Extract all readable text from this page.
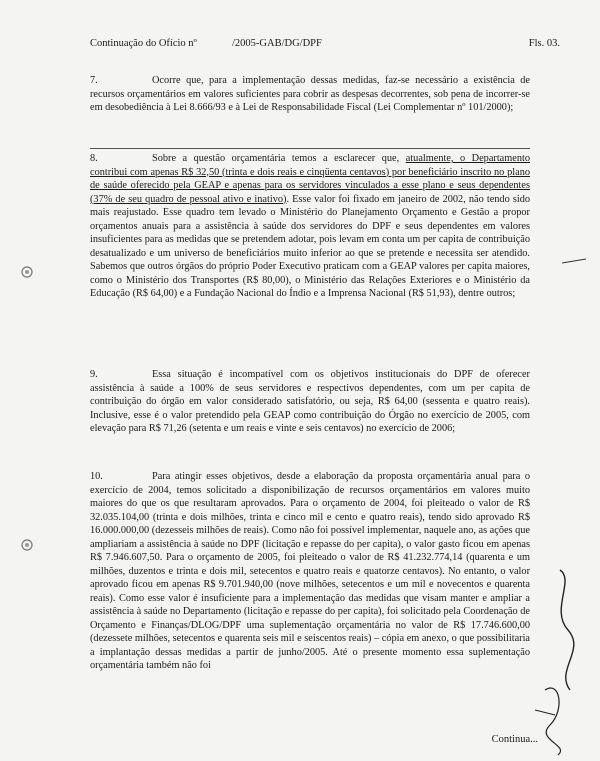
Continuação do Ofício nº	/2005-GAB/DG/DPF	Fls. 03.
7.	Ocorre que, para a implementação dessas medidas, faz-se necessário a existência de recursos orçamentários em valores suficientes para cobrir as despesas decorrentes, sob pena de incorrer-se em desobediência à Lei 8.666/93 e à Lei de Responsabilidade Fiscal (Lei Complementar nº 101/2000);
8.	Sobre a questão orçamentária temos a esclarecer que, atualmente, o Departamento contribui com apenas R$ 32,50 (trinta e dois reais e cinqüenta centavos) por beneficiário inscrito no plano de saúde oferecido pela GEAP e apenas para os servidores vinculados a esse plano e seus dependentes (37% de seu quadro de pessoal ativo e inativo). Esse valor foi fixado em janeiro de 2002, não tendo sido mais reajustado. Esse quadro tem levado o Ministério do Planejamento Orçamento e Gestão a propor orçamentos anuais para a assistência à saúde dos servidores do DPF e seus dependentes em valores insuficientes para as medidas que se pretendem adotar, pois levam em conta um per capita de contribuição desatualizado e um universo de beneficiários muito inferior ao que se pretende e necessita ser atendido. Sabemos que outros órgãos do próprio Poder Executivo praticam com a GEAP valores per capita maiores, como o Ministério dos Transportes (R$ 80,00), o Ministério das Relações Exteriores e o Ministério da Educação (R$ 64,00) e a Fundação Nacional do Índio e a Imprensa Nacional (R$ 51,93), dentre outros;
9.	Essa situação é incompatível com os objetivos institucionais do DPF de oferecer assistência à saúde a 100% de seus servidores e respectivos dependentes, com um per capita de contribuição do órgão em valor considerado satisfatório, ou seja, R$ 64,00 (sessenta e quatro reais). Inclusive, esse é o valor pretendido pela GEAP como contribuição do Órgão no exercício de 2005, com elevação para R$ 71,26 (setenta e um reais e vinte e seis centavos) no exercício de 2006;
10.	Para atingir esses objetivos, desde a elaboração da proposta orçamentária anual para o exercício de 2004, temos solicitado a disponibilização de recursos orçamentários em valores muito maiores do que os que resultaram aprovados. Para o orçamento de 2004, foi pleiteado o valor de R$ 32.035.104,00 (trinta e dois milhões, trinta e cinco mil e cento e quatro reais), tendo sido aprovado R$ 16.000.000,00 (dezesseis milhões de reais). Como não foi possível implementar, naquele ano, as ações que ampliariam a assistência à saúde no DPF (licitação e repasse do per capita), o valor gasto ficou em apenas R$ 7.946.607,50. Para o orçamento de 2005, foi pleiteado o valor de R$ 41.232.774,14 (quarenta e um milhões, duzentos e trinta e dois mil, setecentos e quatro reais e quatorze centavos). No entanto, o valor aprovado ficou em apenas R$ 9.701.940,00 (nove milhões, setecentos e um mil e novecentos e quarenta reais). Como esse valor é insuficiente para a implementação das medidas que visam manter e ampliar a assistência à saúde no Departamento (licitação e repasse do per capita), foi solicitado pela Coordenação de Orçamento e Finanças/DLOG/DPF uma suplementação orçamentária no valor de R$ 17.746.600,00 (dezessete milhões, setecentos e quarenta seis mil e seiscentos reais) – cópia em anexo, o que possibilitaria a implantação dessas medidas a partir de junho/2005. Até o presente momento essa suplementação orçamentária também não foi
Continua...
